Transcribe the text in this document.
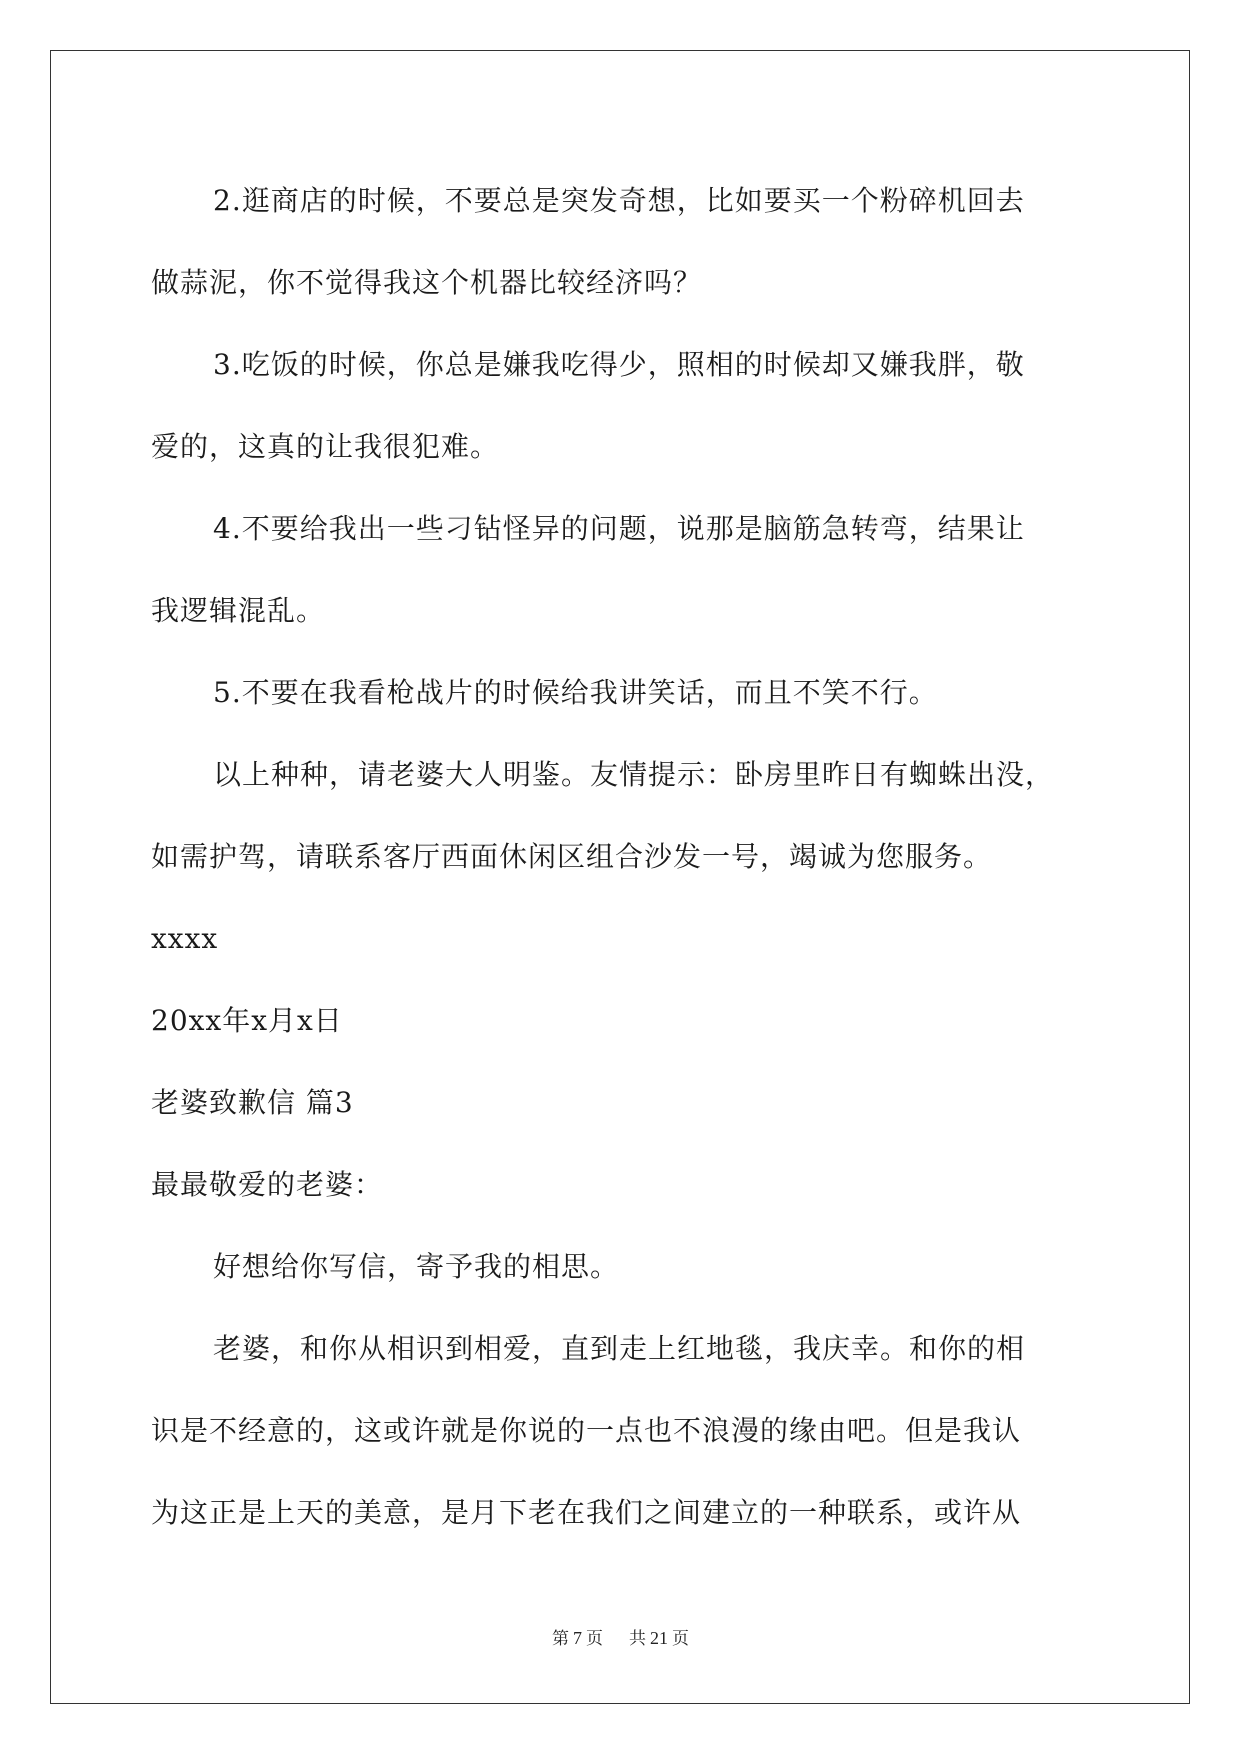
2.逛商店的时候，不要总是突发奇想，比如要买一个粉碎机回去

做蒜泥，你不觉得我这个机器比较经济吗？

3.吃饭的时候，你总是嫌我吃得少，照相的时候却又嫌我胖，敬

爱的，这真的让我很犯难。

4.不要给我出一些刁钻怪异的问题，说那是脑筋急转弯，结果让

我逻辑混乱。

5.不要在我看枪战片的时候给我讲笑话，而且不笑不行。

以上种种，请老婆大人明鉴。友情提示：卧房里昨日有蜘蛛出没，

如需护驾，请联系客厅西面休闲区组合沙发一号，竭诚为您服务。

xxxx

20xx年x月x日

老婆致歉信 篇3

最最敬爱的老婆：

好想给你写信，寄予我的相思。

老婆，和你从相识到相爱，直到走上红地毯，我庆幸。和你的相

识是不经意的，这或许就是你说的一点也不浪漫的缘由吧。但是我认

为这正是上天的美意，是月下老在我们之间建立的一种联系，或许从

第 7 页 共 21 页
